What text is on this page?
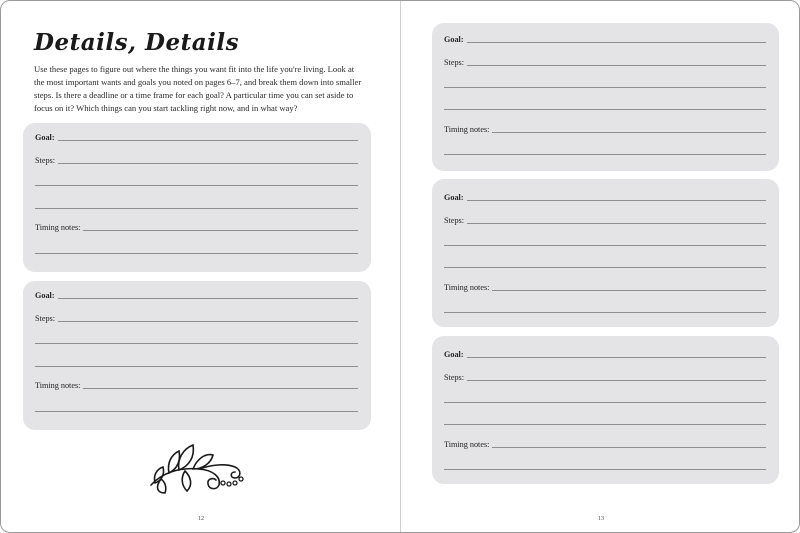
Details, Details

Use these pages to figure out where the things you want fit into the life you're living. Look at the most important wants and goals you noted on pages 6–7, and break them down into smaller steps. Is there a deadline or a time frame for each goal? A particular time you can set aside to focus on it? Which things can you start tackling right now, and in what way?

Goal:
Steps:
Timing notes:
Goal:
Steps:
Timing notes:
12
Goal:
Steps:
Timing notes:
Goal:
Steps:
Timing notes:
Goal:
Steps:
Timing notes:
13
